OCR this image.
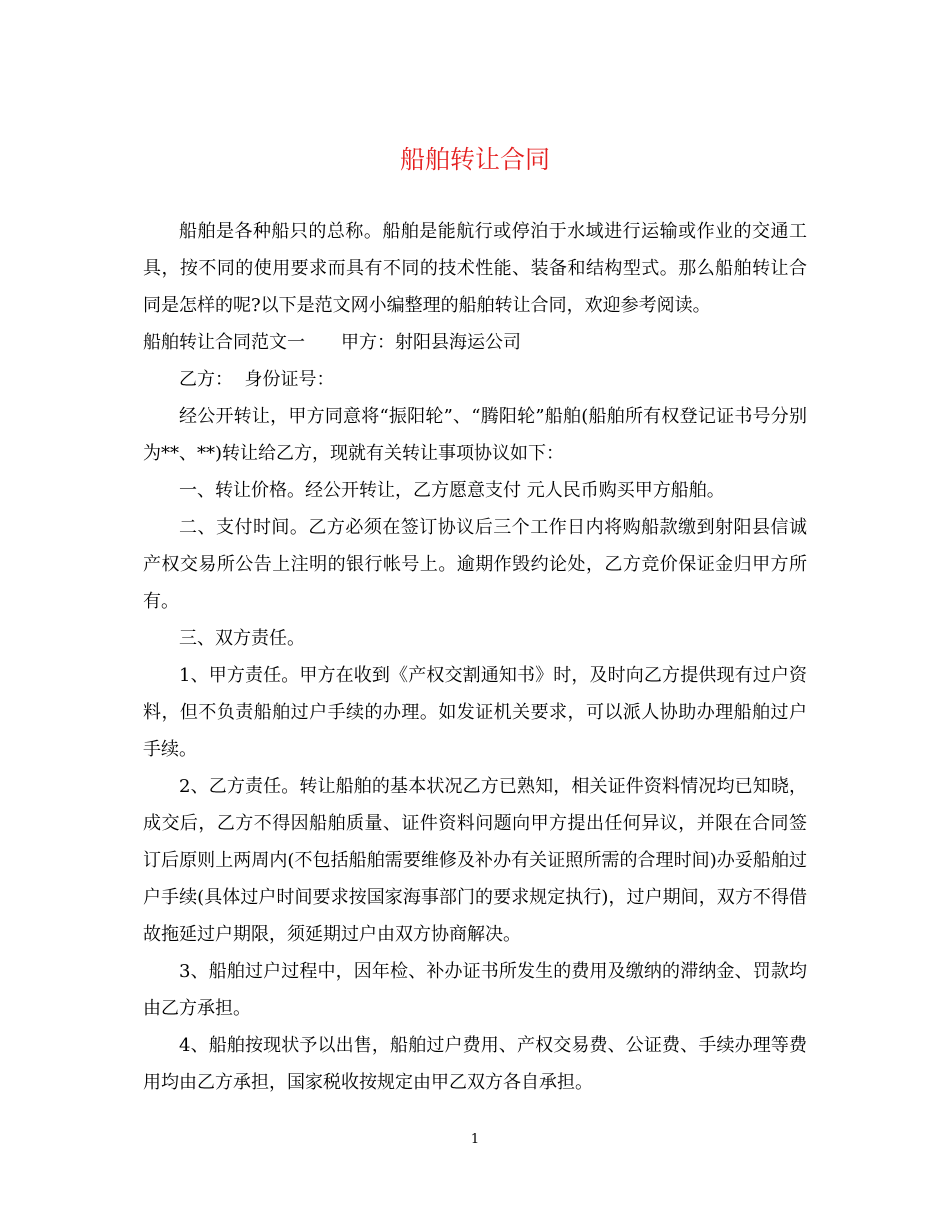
船舶转让合同

船舶是各种船只的总称。船舶是能航行或停泊于水域进行运输或作业的交通工具，按不同的使用要求而具有不同的技术性能、装备和结构型式。那么船舶转让合同是怎样的呢?以下是范文网小编整理的船舶转让合同，欢迎参考阅读。

船舶转让合同范文一 甲方：射阳县海运公司

乙方：  身份证号：

经公开转让，甲方同意将“振阳轮”、“腾阳轮”船舶(船舶所有权登记证书号分别为**、**)转让给乙方，现就有关转让事项协议如下：

一、转让价格。经公开转让，乙方愿意支付 元人民币购买甲方船舶。

二、支付时间。乙方必须在签订协议后三个工作日内将购船款缴到射阳县信诚产权交易所公告上注明的银行帐号上。逾期作毁约论处，乙方竞价保证金归甲方所有。

三、双方责任。

1、甲方责任。甲方在收到《产权交割通知书》时，及时向乙方提供现有过户资料，但不负责船舶过户手续的办理。如发证机关要求，可以派人协助办理船舶过户手续。

2、乙方责任。转让船舶的基本状况乙方已熟知，相关证件资料情况均已知晓，成交后，乙方不得因船舶质量、证件资料问题向甲方提出任何异议，并限在合同签订后原则上两周内(不包括船舶需要维修及补办有关证照所需的合理时间)办妥船舶过户手续(具体过户时间要求按国家海事部门的要求规定执行)，过户期间，双方不得借故拖延过户期限，须延期过户由双方协商解决。

3、船舶过户过程中，因年检、补办证书所发生的费用及缴纳的滞纳金、罚款均由乙方承担。

4、船舶按现状予以出售，船舶过户费用、产权交易费、公证费、手续办理等费用均由乙方承担，国家税收按规定由甲乙双方各自承担。

1
